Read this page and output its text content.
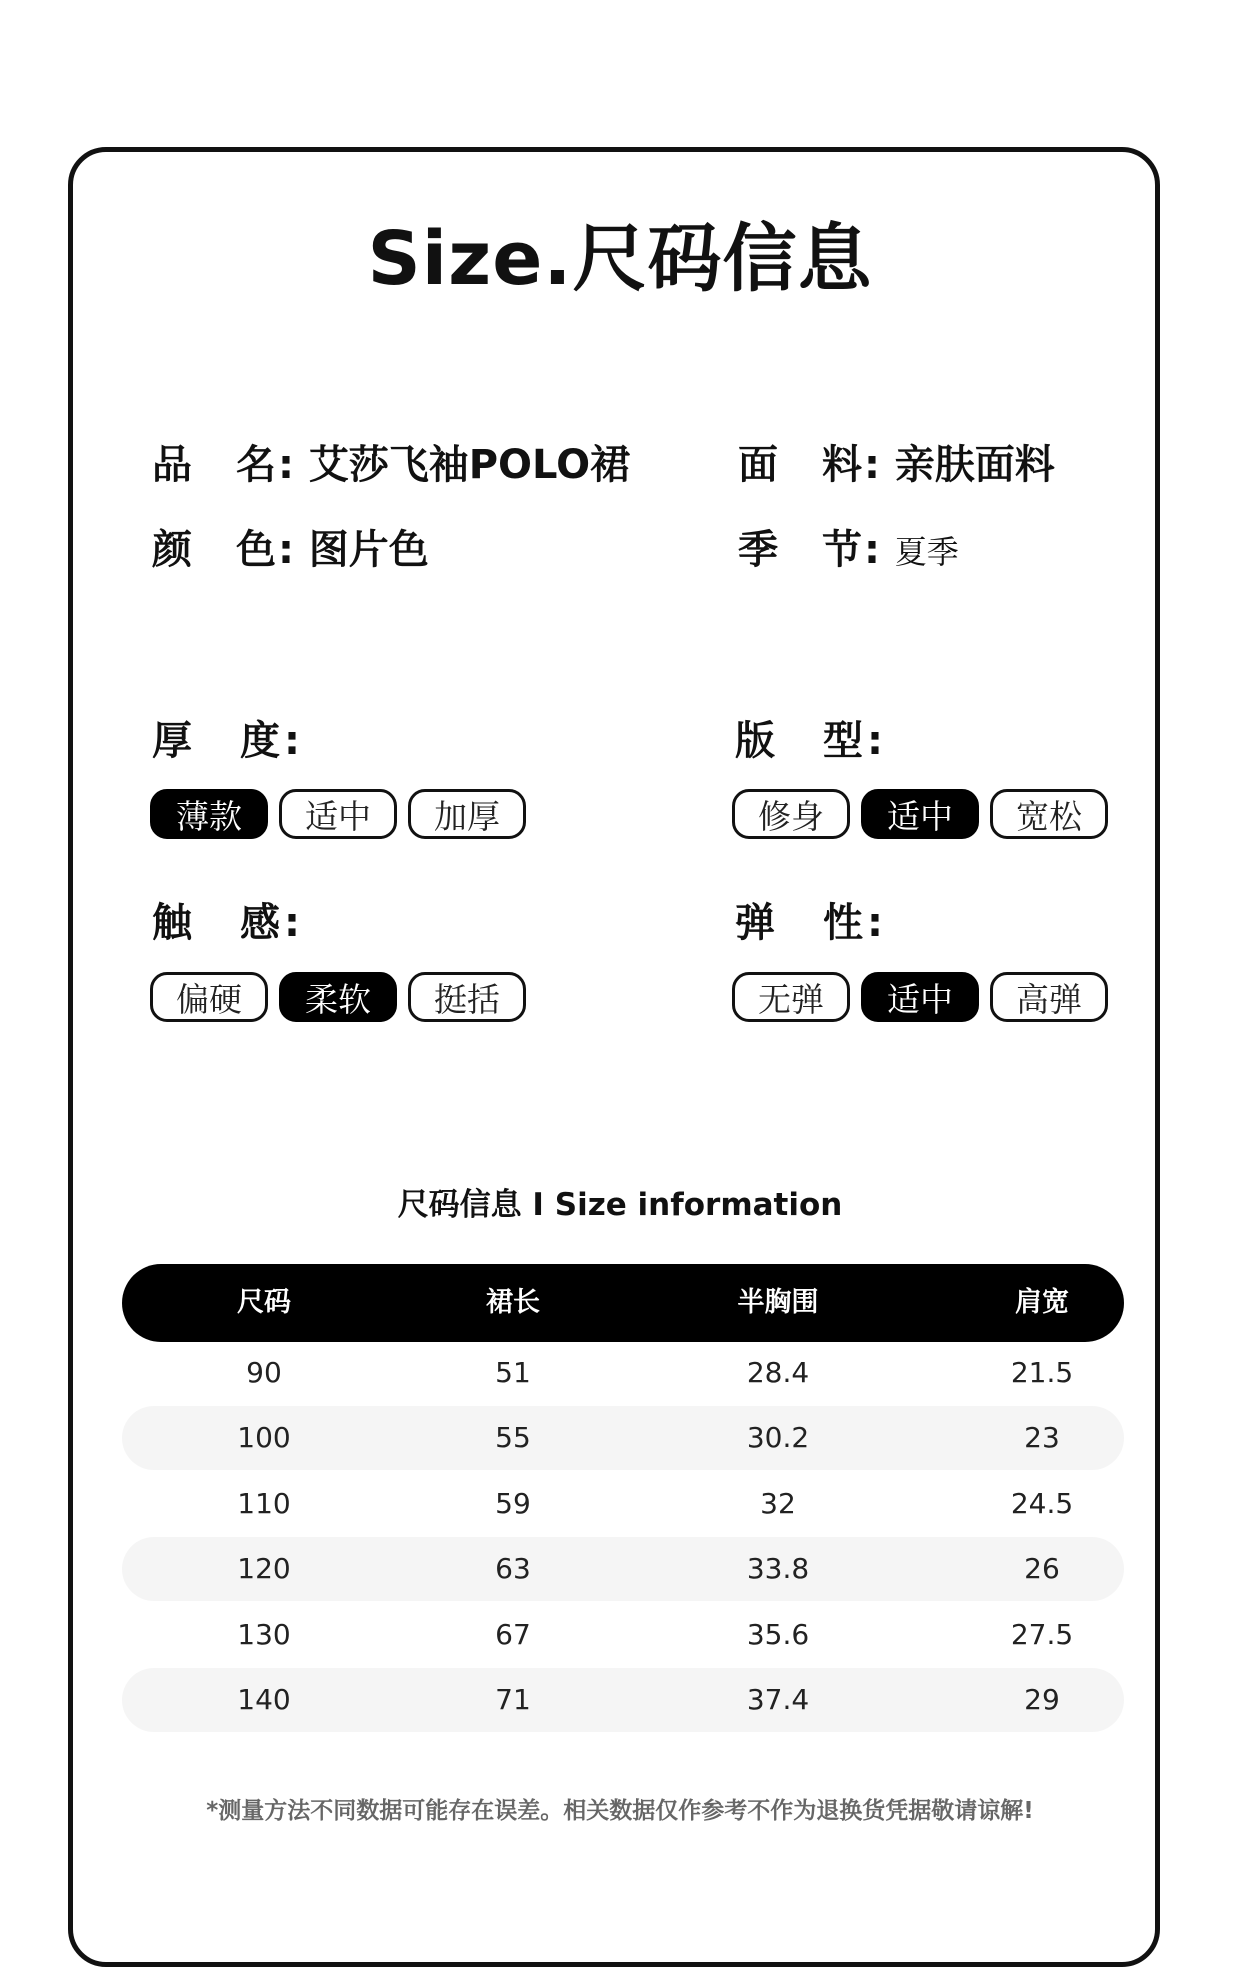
Size.尺码信息
品　名: 艾莎飞袖POLO裙	面　料: 亲肤面料
颜　色: 图片色	季　节: 夏季
厚　度:
薄款	适中	加厚
版　型:
修身	适中	宽松
触　感:
偏硬	柔软	挺括
弹　性:
无弹	适中	高弹
尺码信息 I Size information
尺码	裙长	半胸围	肩宽
90	51	28.4	21.5
100	55	30.2	23
110	59	32	24.5
120	63	33.8	26
130	67	35.6	27.5
140	71	37.4	29
*测量方法不同数据可能存在误差。相关数据仅作参考不作为退换货凭据敬请谅解!
